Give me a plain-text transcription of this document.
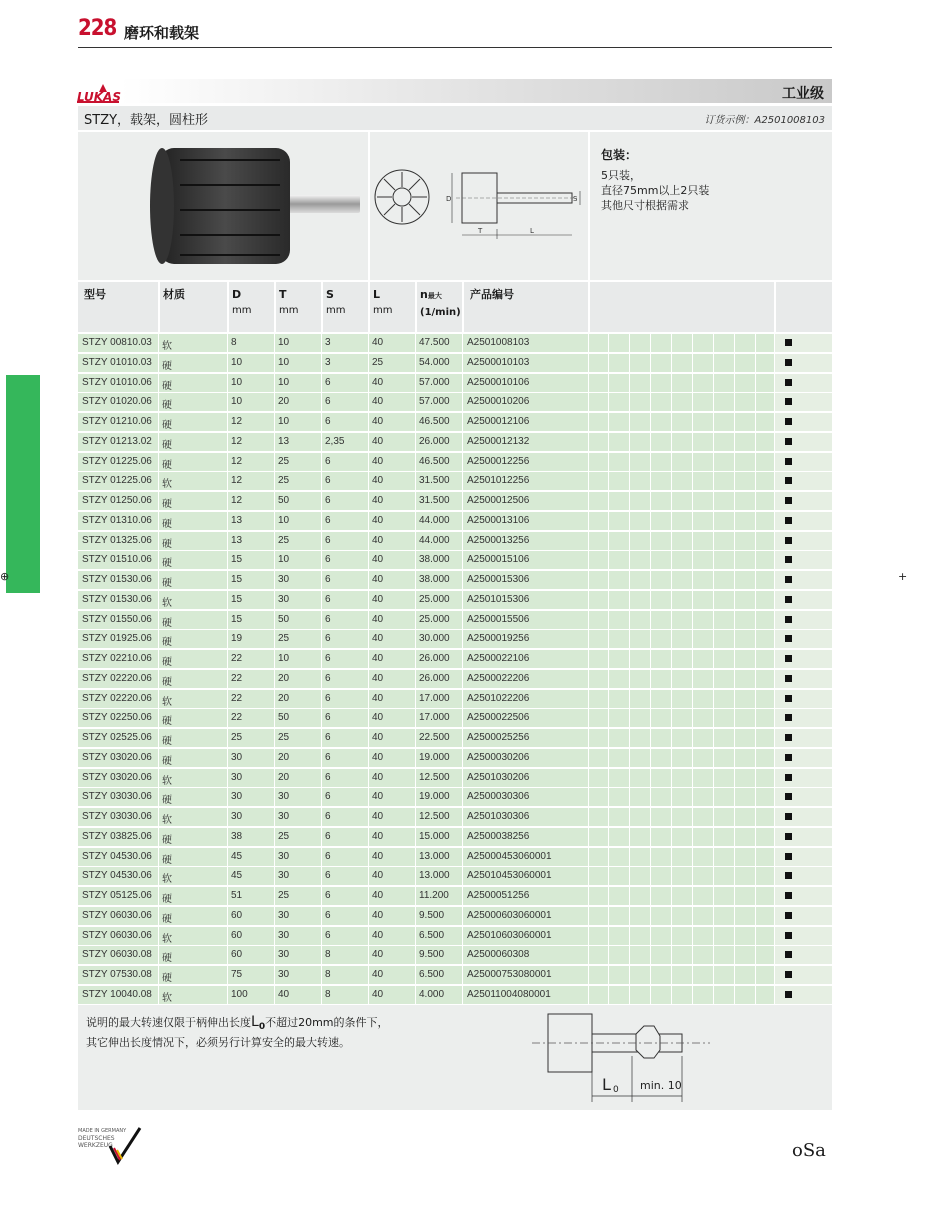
228 磨环和载架
LUKAS	工业级
STZY，载架，圆柱形	订货示例：A2501008103
D
T	L
S
包装：
5只装，
直径75mm以上2只装
其他尺寸根据需求
型号	材质	D
mm
T
mm
S
mm
L
mm
n最大
(1/min)
产品编号
STZY 00810.03 软	8	10	3	40	47.500 A2501008103
STZY 01010.03 硬	10	10	3	25	54.000 A2500010103
STZY 01010.06 硬	10	10	6	40	57.000 A2500010106
STZY 01020.06 硬	10	20	6	40	57.000 A2500010206
STZY 01210.06 硬	12	10	6	40	46.500 A2500012106
STZY 01213.02 硬	12	13	2,35	40	26.000 A2500012132
STZY 01225.06 硬	12	25	6	40	46.500 A2500012256
STZY 01225.06 软	12	25	6	40	31.500 A2501012256
STZY 01250.06 硬	12	50	6	40	31.500 A2500012506
STZY 01310.06 硬	13	10	6	40	44.000 A2500013106
STZY 01325.06 硬	13	25	6	40	44.000 A2500013256
STZY 01510.06 硬	15	10	6	40	38.000 A2500015106
STZY 01530.06 硬	15	30	6	40	38.000 A2500015306
STZY 01530.06 软	15	30	6	40	25.000 A2501015306
STZY 01550.06 硬	15	50	6	40	25.000 A2500015506
STZY 01925.06 硬	19	25	6	40	30.000 A2500019256
STZY 02210.06 硬	22	10	6	40	26.000 A2500022106
STZY 02220.06 硬	22	20	6	40	26.000 A2500022206
STZY 02220.06 软	22	20	6	40	17.000 A2501022206
STZY 02250.06 硬	22	50	6	40	17.000 A2500022506
STZY 02525.06 硬	25	25	6	40	22.500 A2500025256
STZY 03020.06 硬	30	20	6	40	19.000 A2500030206
STZY 03020.06 软	30	20	6	40	12.500 A2501030206
STZY 03030.06 硬	30	30	6	40	19.000 A2500030306
STZY 03030.06 软	30	30	6	40	12.500 A2501030306
STZY 03825.06 硬	38	25	6	40	15.000 A2500038256
STZY 04530.06 硬	45	30	6	40	13.000 A25000453060001
STZY 04530.06 软	45	30	6	40	13.000 A25010453060001
STZY 05125.06 硬	51	25	6	40	11.200 A2500051256
STZY 06030.06 硬	60	30	6	40	9.500 A25000603060001
STZY 06030.06 软	60	30	6	40	6.500 A25010603060001
STZY 06030.08 硬	60	30	8	40	9.500 A2500060308
STZY 07530.08 硬	75	30	8	40	6.500 A25000753080001
STZY 10040.08 软	100	40	8	40	4.000 A25011004080001
说明的最大转速仅限于柄伸出长度$L_0$不超过20mm的条件下，
其它伸出长度情况下，必须另行计算安全的最大转速。
L 0 min. 10
⊕	+
MADE IN GERMANY
DEUTSCHES
WERKZEUG	oSa
